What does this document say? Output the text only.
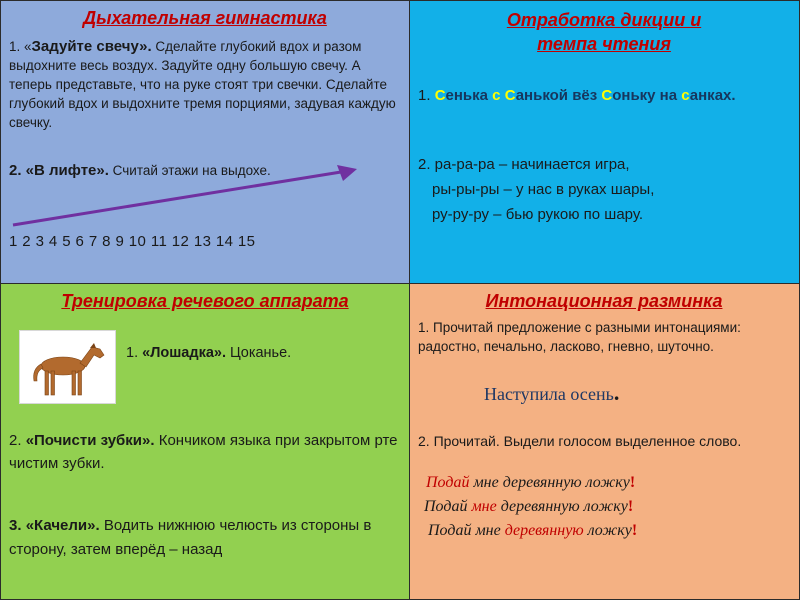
Дыхательная гимнастика
1. «Задуйте свечу». Сделайте глубокий вдох и разом выдохните весь воздух. Задуйте одну большую свечу. А теперь представьте, что на руке стоят три свечки. Сделайте глубокий вдох и выдохните тремя порциями, задувая каждую свечку.
2. «В лифте». Считай этажи на выдохе.
1 2 3 4 5 6 7 8 9 10 11 12 13 14 15
Отработка дикции и
темпа чтения
1. Сенька с Санькой вёз Соньку на санках.
2. ра-ра-ра – начинается игра,
ры-ры-ры – у нас в руках шары,
ру-ру-ру – бью рукою по шару.
Тренировка речевого аппарата
1. «Лошадка». Цоканье.
2. «Почисти зубки». Кончиком языка при закрытом рте чистим зубки.
3. «Качели». Водить нижнюю челюсть из стороны в сторону, затем вперёд – назад
Интонационная разминка
1. Прочитай предложение с разными интонациями: радостно, печально, ласково, гневно, шуточно.
Наступила осень.
2. Прочитай. Выдели голосом выделенное слово.
Подай мне деревянную ложку!
Подай мне деревянную ложку!
Подай мне деревянную ложку!
